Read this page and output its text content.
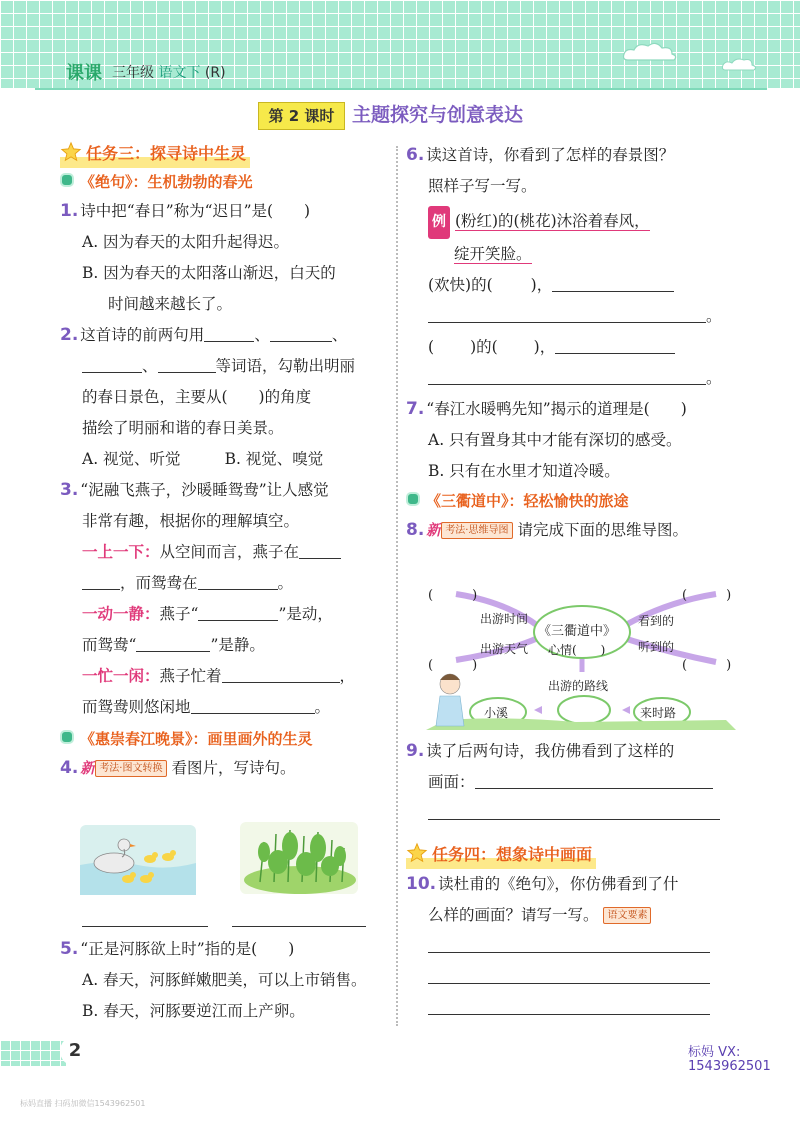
课课 三年级 语文下 (R)
第 2 课时 主题探究与创意表达
任务三：探寻诗中生灵
《绝句》：生机勃勃的春光

1. 诗中把“春日”称为“迟日”是(　　)

A. 因为春天的太阳升起得迟。

B. 因为春天的太阳落山渐迟，白天的

时间越来越长了。

2. 这首诗的前两句用	、	、

、	等词语，勾勒出明丽

的春日景色，主要从(　　)的角度

描绘了明丽和谐的春日美景。

A. 视觉、听觉	B. 视觉、嗅觉

3. “泥融飞燕子，沙暖睡鸳鸯”让人感觉

非常有趣，根据你的理解填空。

一上一下：从空间而言，燕子在

，而鸳鸯在	。

一动一静：燕子“	”是动，

而鸳鸯“	”是静。

一忙一闲：燕子忙着	，

而鸳鸯则悠闲地	。

《惠崇春江晚景》：画里画外的生灵

4. 新 考法·图文转换 看图片，写诗句。

5. “正是河豚欲上时”指的是(　　)

A. 春天，河豚鲜嫩肥美，可以上市销售。

B. 春天，河豚要逆江而上产卵。

6. 读这首诗，你看到了怎样的春景图？

照样子写一写。

例 (粉红)的(桃花)沐浴着春风，

绽开笑脸。

(欢快)的( )，

。

( )的( )，

。

7. “春江水暖鸭先知”揭示的道理是(　　)

A. 只有置身其中才能有深切的感受。

B. 只有在水里才知道冷暖。

《三衢道中》：轻松愉快的旅途

8. 新 考法·思维导图 请完成下面的思维导图。

(　　　)
(　　　)
(　　　)
(　　　)
出游时间
出游天气
《三衢道中》
心情(　　)
看到的
听到的
出游的路线
小溪	来时路

9. 读了后两句诗，我仿佛看到了这样的

画面：

任务四：想象诗中画面

10. 读杜甫的《绝句》，你仿佛看到了什

么样的画面？请写一写。 语文要素

2	标妈 VX:
1543962501
标妈直播 扫码加微信1543962501
